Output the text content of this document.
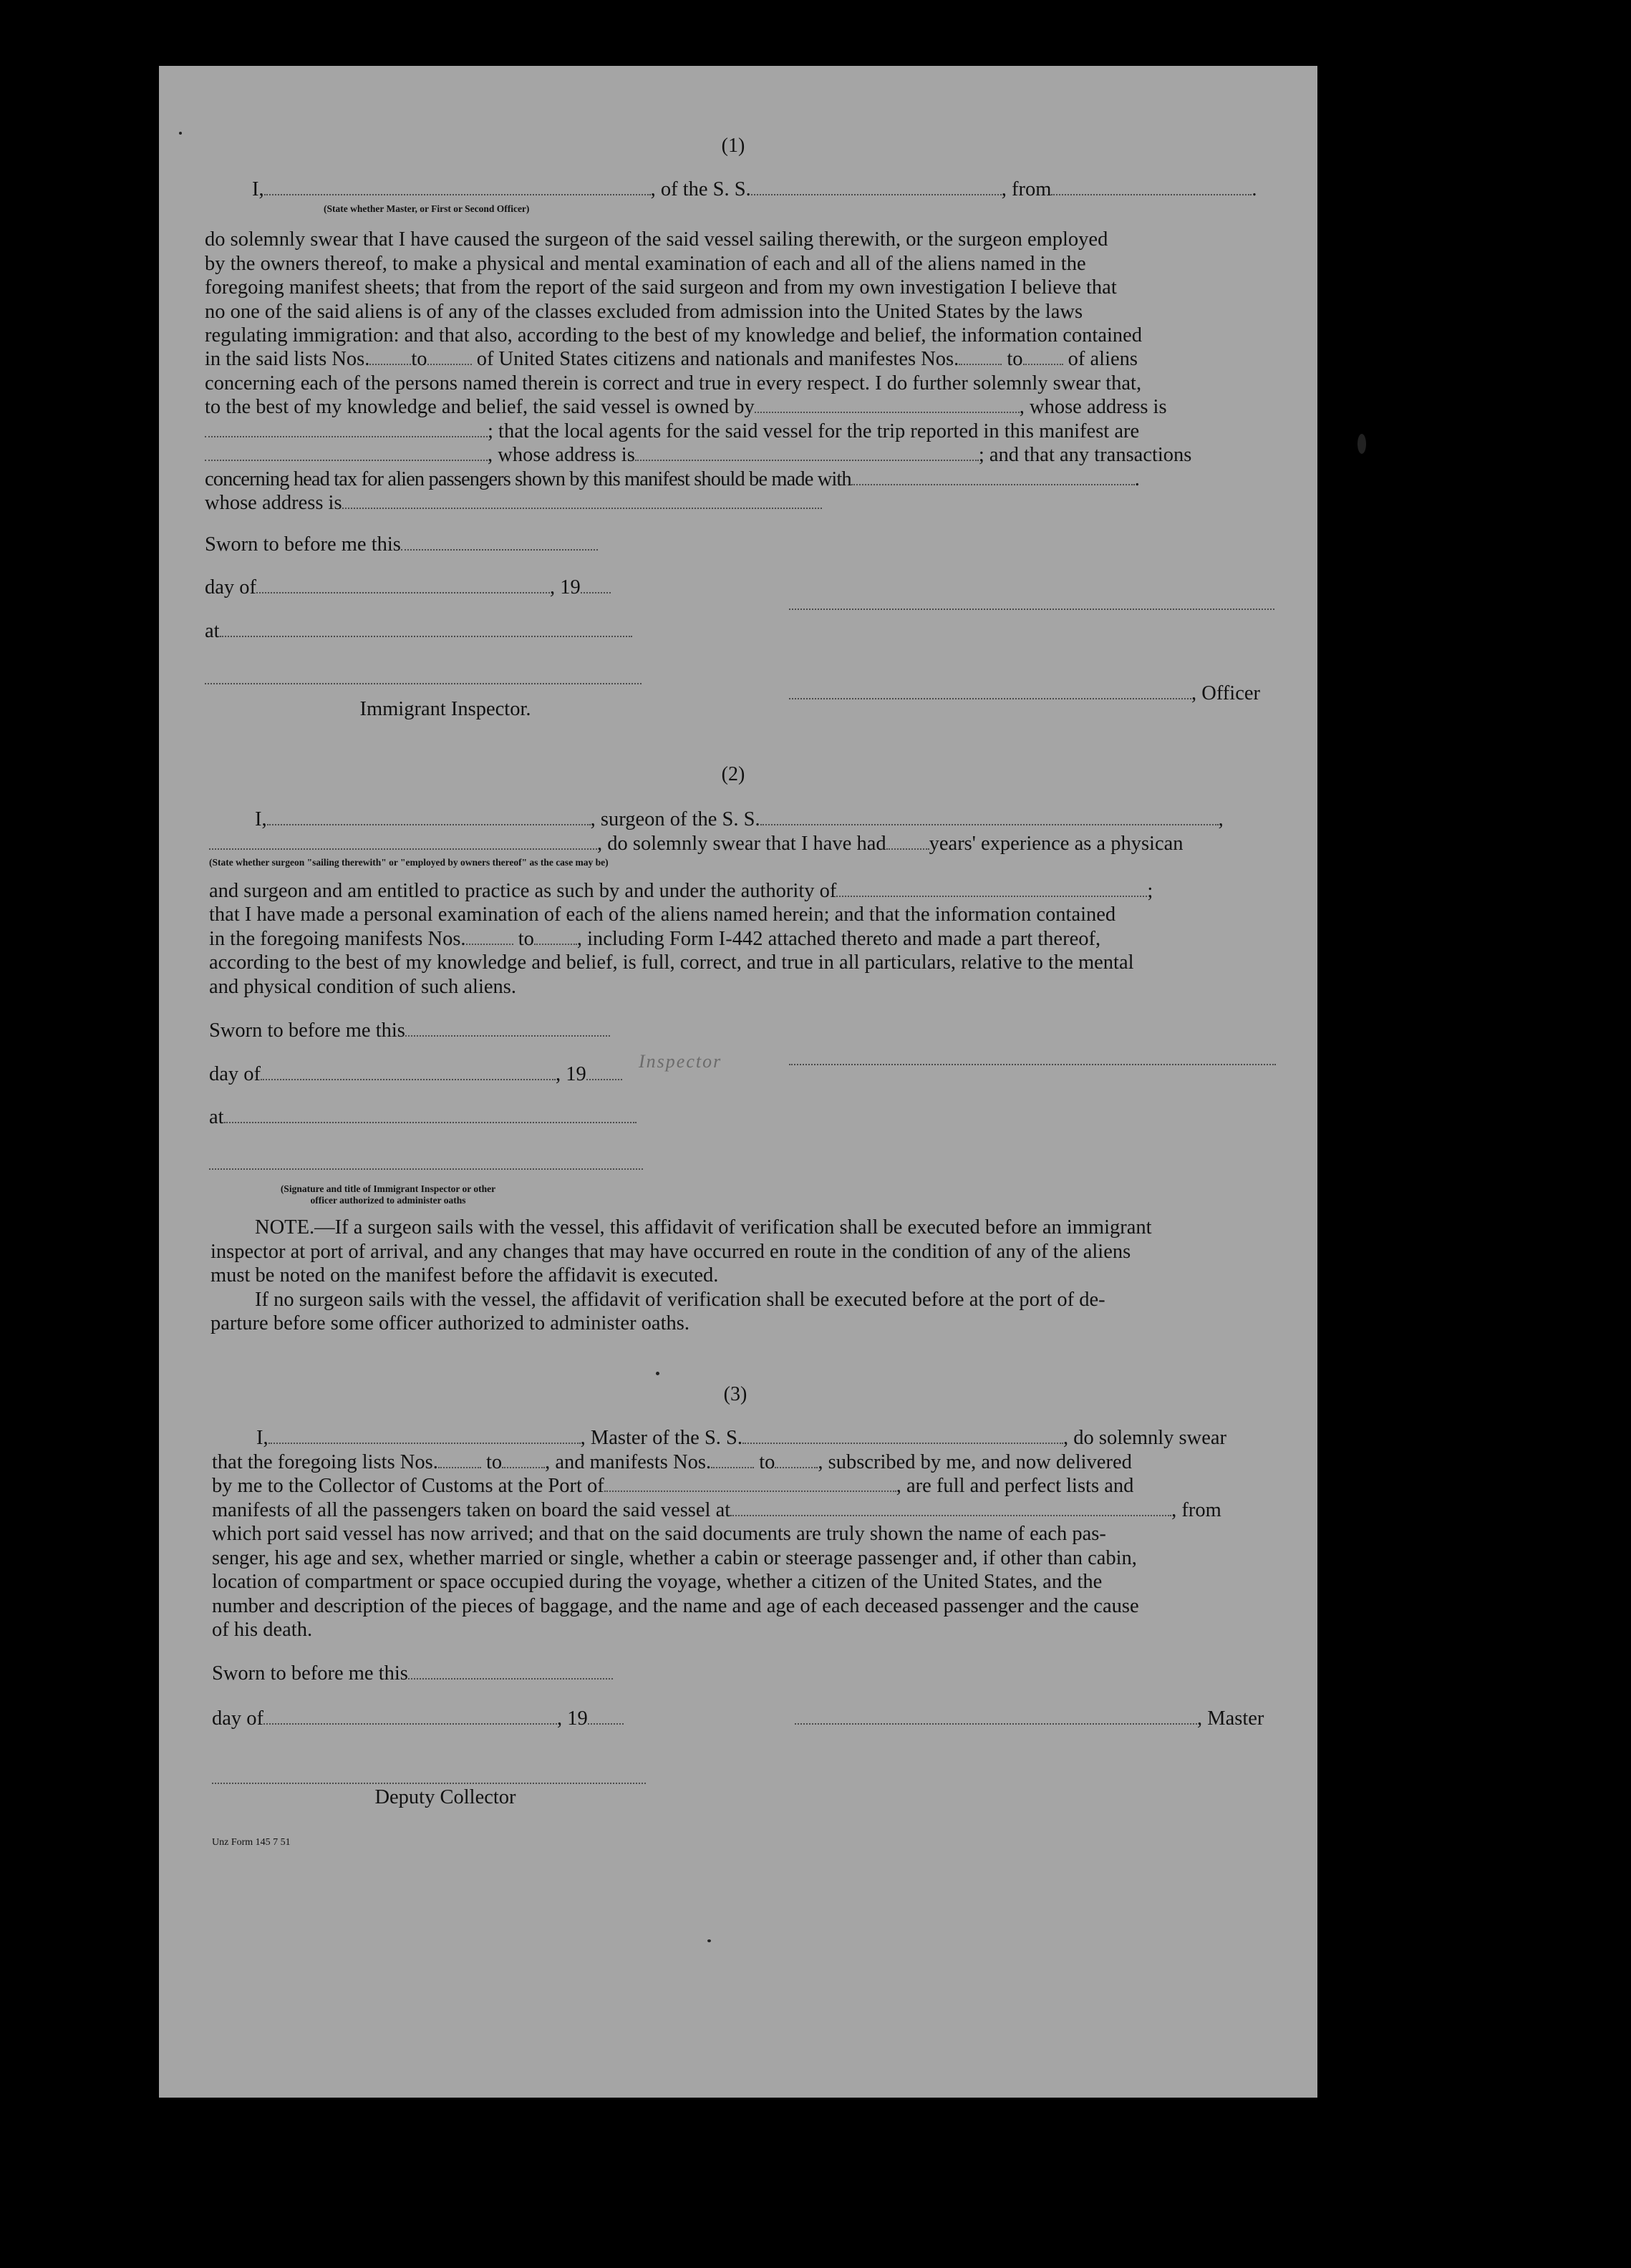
(1)
I,	, of the S. S.	, from	.
(State whether Master, or First or Second Officer)
do solemnly swear that I have caused the surgeon of the said vessel sailing therewith, or the surgeon employed
by the owners thereof, to make a physical and mental examination of each and all of the aliens named in the
foregoing manifest sheets; that from the report of the said surgeon and from my own investigation I believe that
no one of the said aliens is of any of the classes excluded from admission into the United States by the laws
regulating immigration: and that also, according to the best of my knowledge and belief, the information contained
in the said lists Nos. to of United States citizens and nationals and manifestes Nos. to of aliens
concerning each of the persons named therein is correct and true in every respect. I do further solemnly swear that,
to the best of my knowledge and belief, the said vessel is owned by	, whose address is
; that the local agents for the said vessel for the trip reported in this manifest are
, whose address is	; and that any transactions
concerning head tax for alien passengers shown by this manifest should be made with	.
whose address is
Sworn to before me this
day of	, 19
at
, Officer
Immigrant Inspector.
(2)
I,	, surgeon of the S. S.	,
, do solemnly swear that I have had years' experience as a physican
(State whether surgeon "sailing therewith" or "employed by owners thereof" as the case may be)
and surgeon and am entitled to practice as such by and under the authority of	;
that I have made a personal examination of each of the aliens named herein; and that the information contained
in the foregoing manifests Nos.	to , including Form I-442 attached thereto and made a part thereof,
according to the best of my knowledge and belief, is full, correct, and true in all particulars, relative to the mental
and physical condition of such aliens.
Sworn to before me this
day of	, 19
Inspector
at
(Signature and title of Immigrant Inspector or other
officer authorized to administer oaths
NOTE.—If a surgeon sails with the vessel, this affidavit of verification shall be executed before an immigrant
inspector at port of arrival, and any changes that may have occurred en route in the condition of any of the aliens
must be noted on the manifest before the affidavit is executed.
If no surgeon sails with the vessel, the affidavit of verification shall be executed before at the port of de-
parture before some officer authorized to administer oaths.
(3)
I,	, Master of the S. S.	, do solemnly swear
that the foregoing lists Nos. to , and manifests Nos. to , subscribed by me, and now delivered
by me to the Collector of Customs at the Port of	, are full and perfect lists and
manifests of all the passengers taken on board the said vessel at	, from
which port said vessel has now arrived; and that on the said documents are truly shown the name of each pas-
senger, his age and sex, whether married or single, whether a cabin or steerage passenger and, if other than cabin,
location of compartment or space occupied during the voyage, whether a citizen of the United States, and the
number and description of the pieces of baggage, and the name and age of each deceased passenger and the cause
of his death.
Sworn to before me this
day of	, 19	, Master
Deputy Collector
Unz Form 145 7 51
